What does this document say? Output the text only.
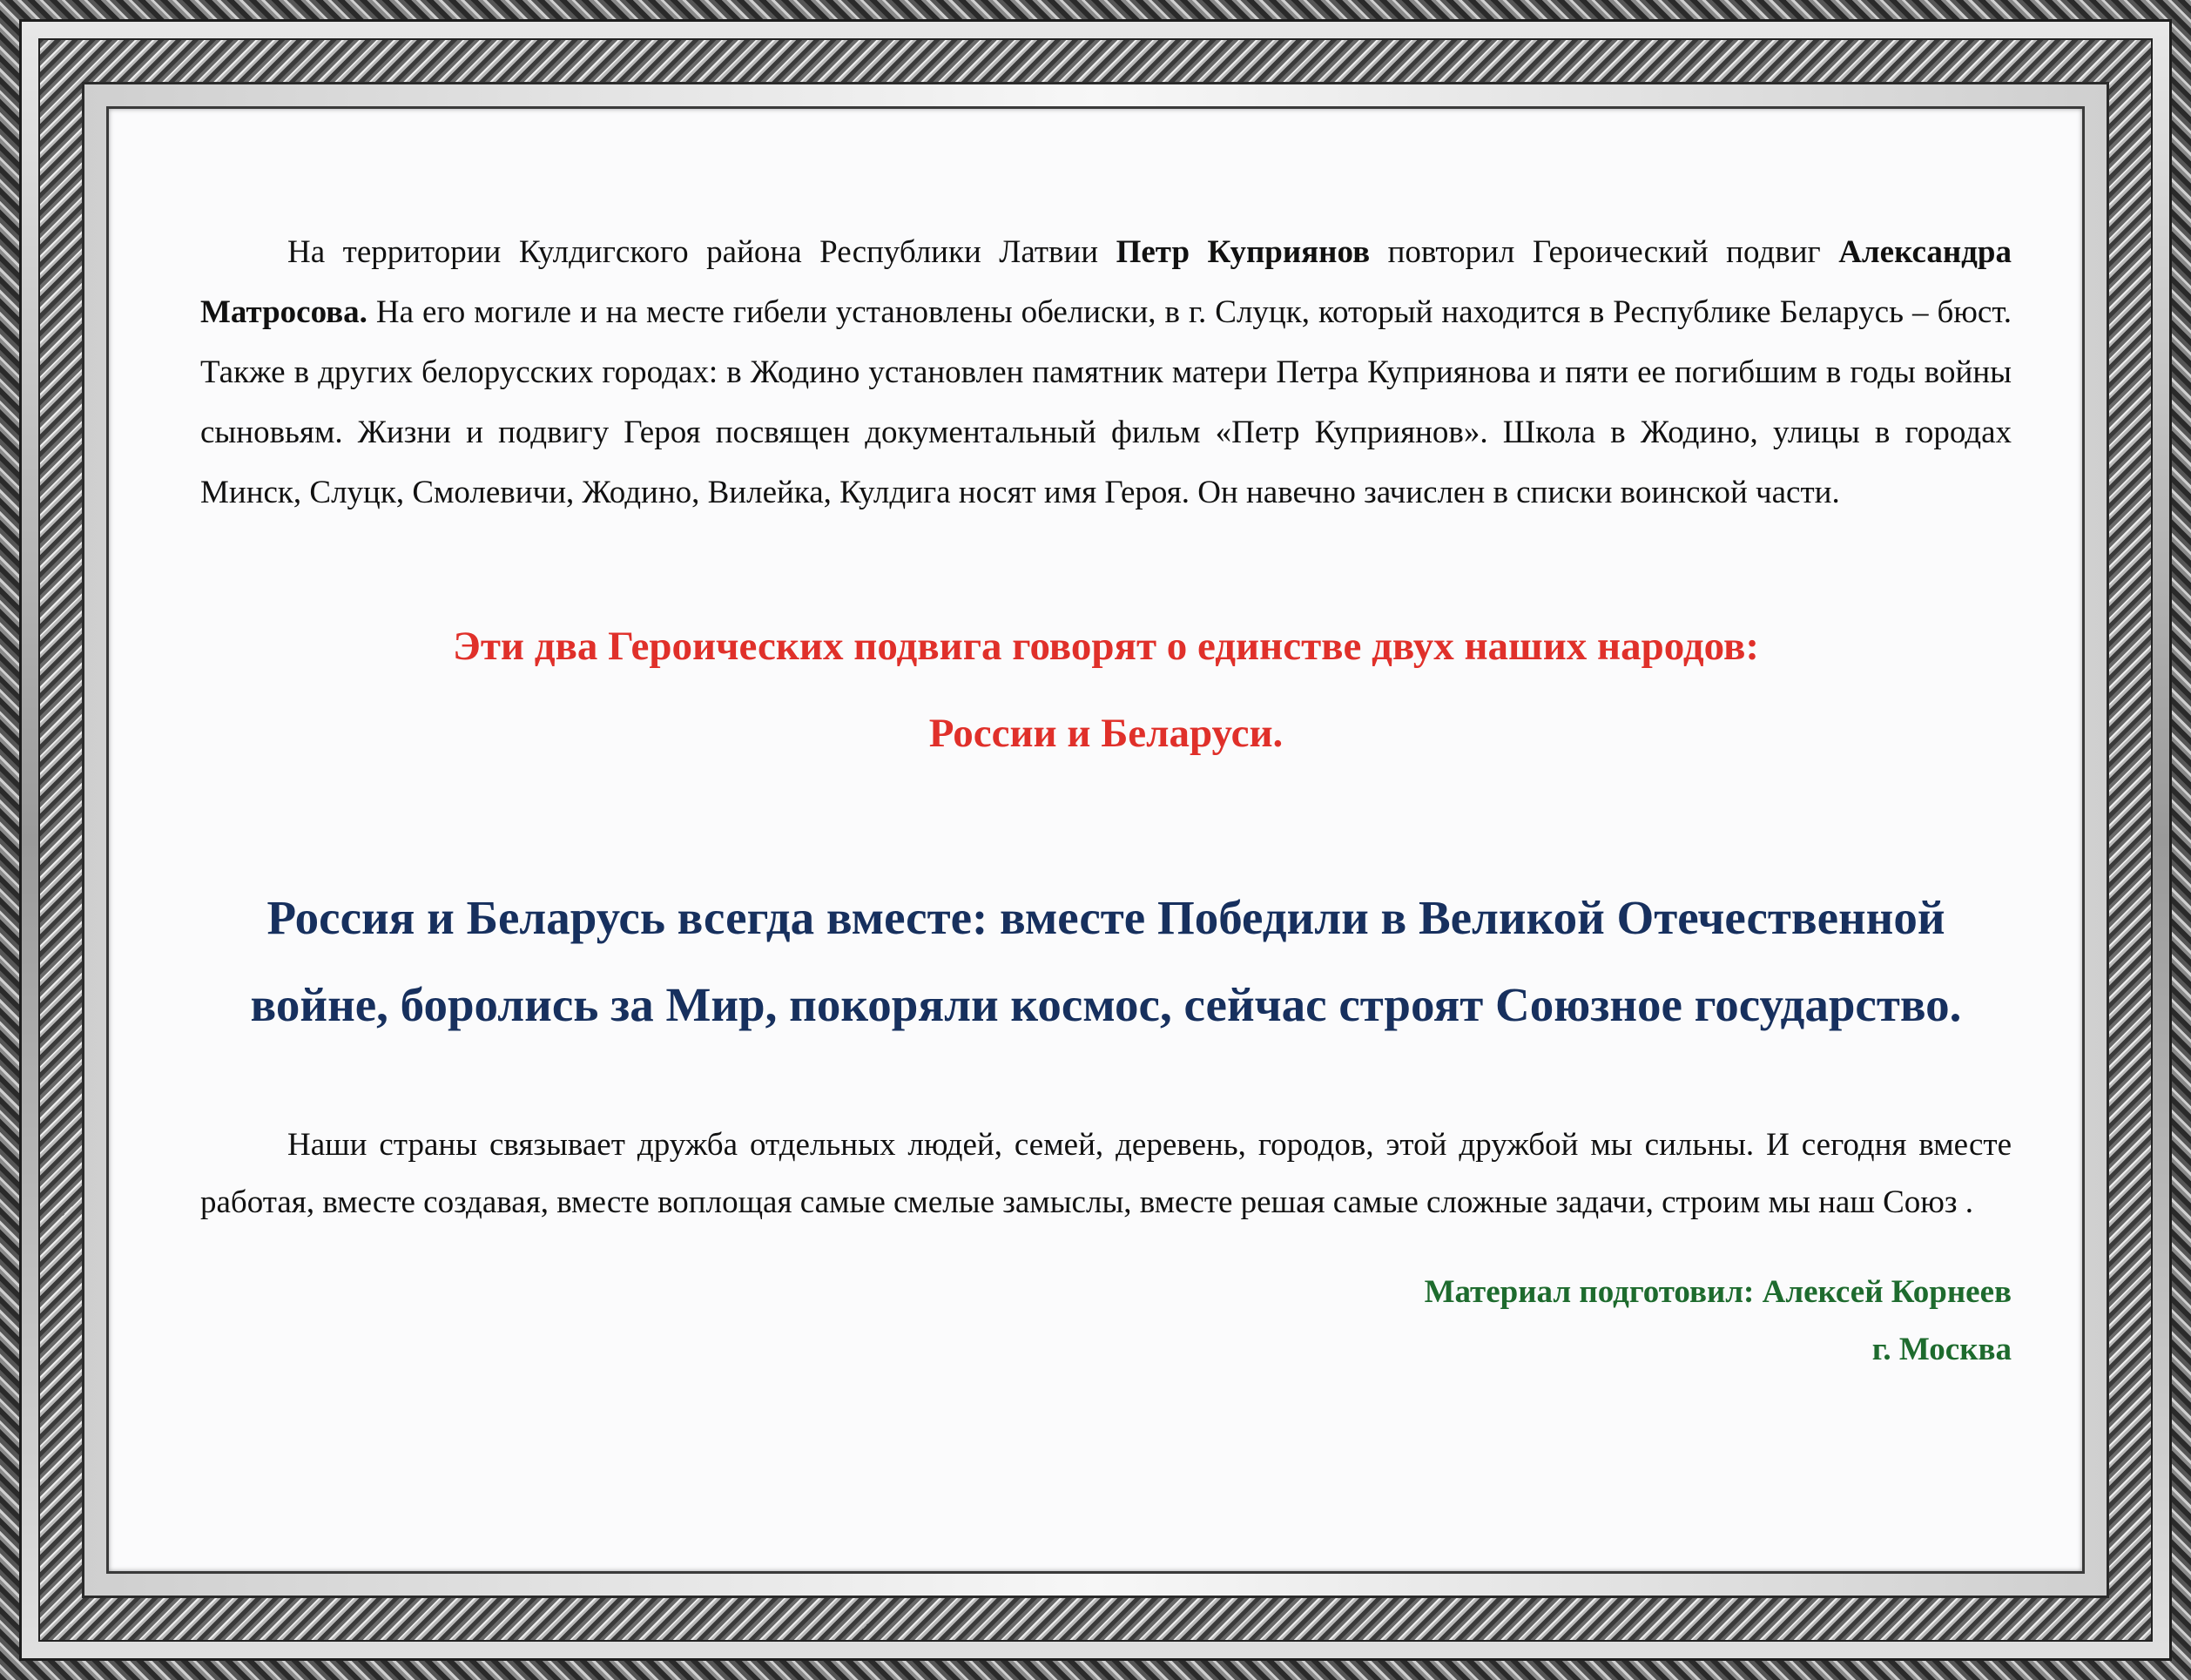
На территории Кулдигского района Республики Латвии Петр Куприянов повторил Героический подвиг Александра Матросова. На его могиле и на месте гибели установлены обелиски, в г. Слуцк, который находится в Республике Беларусь – бюст. Также в других белорусских городах: в Жодино установлен памятник матери Петра Куприянова и пяти ее погибшим в годы войны сыновьям. Жизни и подвигу Героя посвящен документальный фильм «Петр Куприянов». Школа в Жодино, улицы в городах Минск, Слуцк, Смолевичи, Жодино, Вилейка, Кулдига носят имя Героя. Он навечно зачислен в списки воинской части.

Эти два Героических подвига говорят о единстве двух наших народов:
России и Беларуси.
Россия и Беларусь всегда вместе: вместе Победили в Великой Отечественной войне, боролись за Мир, покоряли космос, сейчас строят Союзное государство.

Наши страны связывает дружба отдельных людей, семей, деревень, городов, этой дружбой мы сильны. И сегодня вместе работая, вместе создавая, вместе воплощая самые смелые замыслы, вместе решая самые сложные задачи, строим мы наш Союз .

Материал подготовил: Алексей Корнеев
г. Москва
